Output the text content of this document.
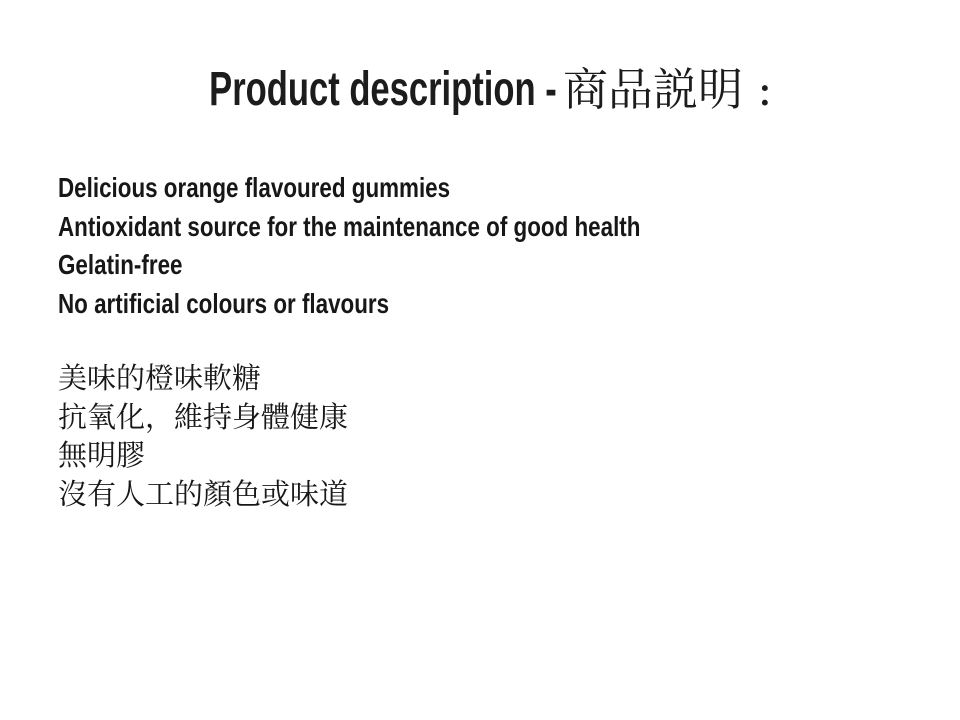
Product description - 商品説明 :
Delicious orange flavoured gummies
Antioxidant source for the maintenance of good health
Gelatin-free
No artificial colours or flavours
美味的橙味軟糖
抗氧化，維持身體健康
無明膠
沒有人工的顏色或味道
